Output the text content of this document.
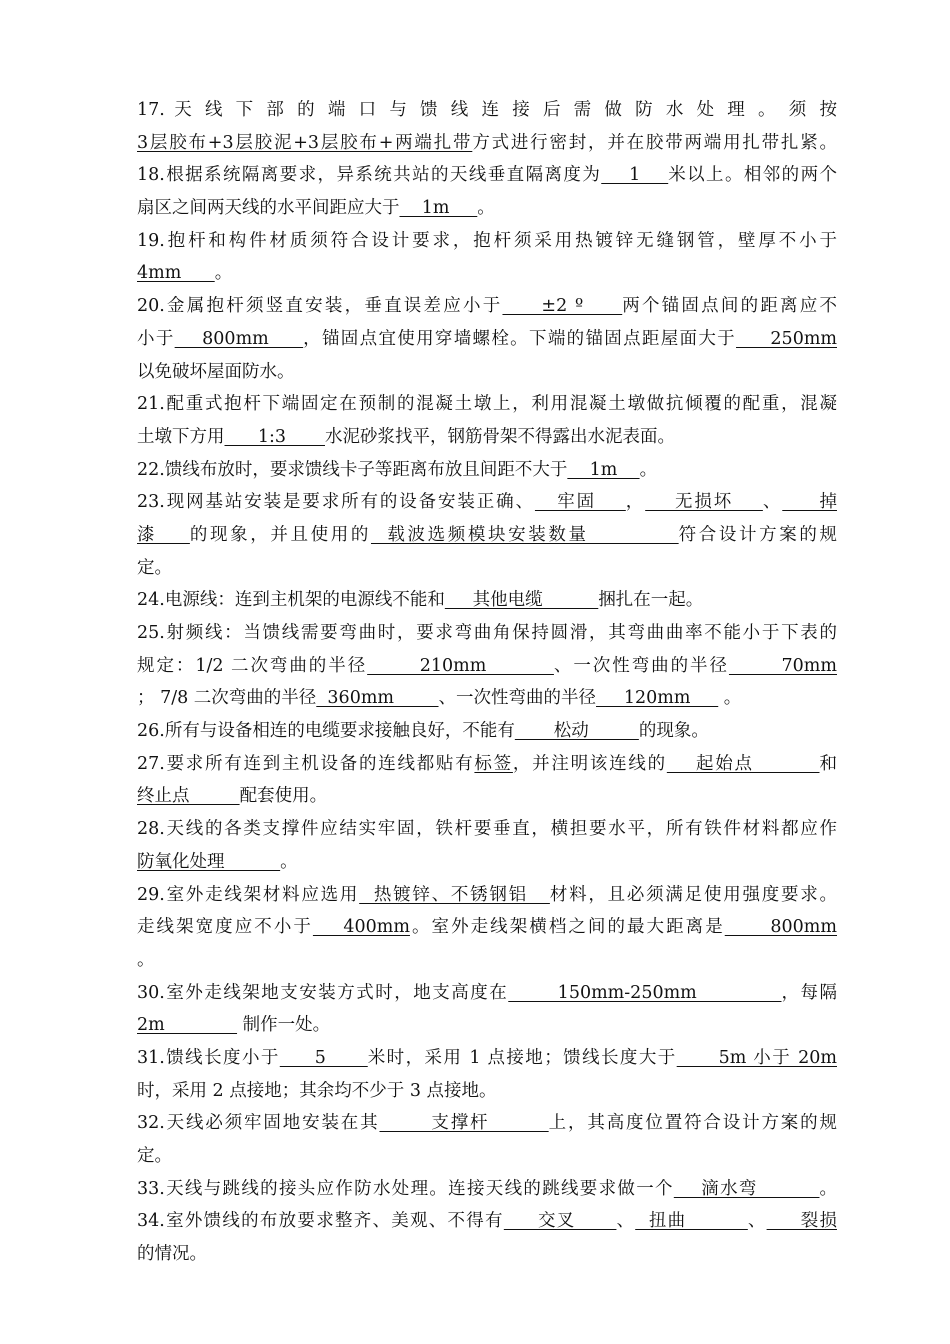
17. 天 线 下 部 的 端 口 与 馈 线 连 接 后 需 做 防 水 处 理 。 须 按
3层胶布+3层胶泥+3层胶布+两端扎带方式进行密封，并在胶带两端用扎带扎紧。
18.根据系统隔离要求，异系统共站的天线垂直隔离度为    1    米以上。相邻的两个
扇区之间两天线的水平间距应大于    1m     。
19.抱杆和构件材质须符合设计要求，抱杆须采用热镀锌无缝钢管，壁厚不小于
4mm      。
20.金属抱杆须竖直安装，垂直误差应小于     ±2 º     两个锚固点间的距离应不
小于    800mm     ，锚固点宜使用穿墙螺栓。下端的锚固点距屋面大于     250mm
以免破坏屋面防水。
21.配重式抱杆下端固定在预制的混凝土墩上，利用混凝土墩做抗倾覆的配重，混凝
土墩下方用      1:3       水泥砂浆找平，钢筋骨架不得露出水泥表面。
22.馈线布放时，要求馈线卡子等距离布放且间距不大于    1m    。
23.现网基站安装是要求所有的设备安装正确、   牢固    ，    无损坏    、     掉
漆    的现象，并且使用的  载波选频模块安装数量           符合设计方案的规
定。
24.电源线：连到主机架的电源线不能和     其他电缆          捆扎在一起。
25.射频线：当馈线需要弯曲时，要求弯曲角保持圆滑，其弯曲曲率不能小于下表的
规定：1/2 二次弯曲的半径       210mm         、一次性弯曲的半径       70mm
； 7/8 二次弯曲的半径  360mm        、一次性弯曲的半径     120mm      。
26.所有与设备相连的电缆要求接触良好，不能有       松动         的现象。
27.要求所有连到主机设备的连线都贴有标签，并注明该连线的    起始点         和
终止点         配套使用。
28.天线的各类支撑件应结实牢固，铁杆要垂直，横担要水平，所有铁件材料都应作
防氧化处理          。
29.室外走线架材料应选用  热镀锌、不锈钢铝   材料，且必须满足使用强度要求。
走线架宽度应不小于    400mm。室外走线架横档之间的最大距离是      800mm
。
30.室外走线架地支安装方式时，地支高度在       150mm-250mm            ，每隔
2m              制作一处。
31.馈线长度小于     5      米时，采用 1 点接地；馈线长度大于      5m 小于 20m
时，采用 2 点接地；其余均不少于 3 点接地。
32.天线必须牢固地安装在其       支撑杆        上，其高度位置符合设计方案的规
定。
33.天线与跳线的接头应作防水处理。连接天线的跳线要求做一个    滴水弯         。
34.室外馈线的布放要求整齐、美观、不得有     交叉      、  扭曲         、     裂损
的情况。
